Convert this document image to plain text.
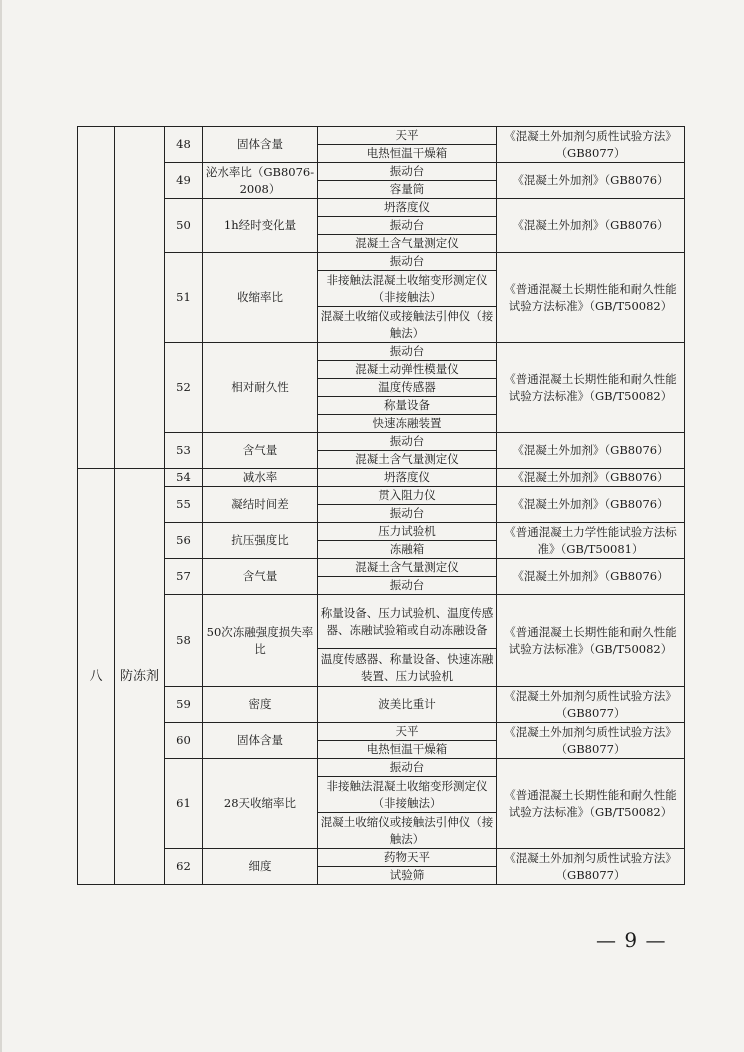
		48	固体含量	天平	《混凝土外加剂匀质性试验方法》（GB8077）
				电热恒温干燥箱	
		49	泌水率比（GB8076-2008）	振动台	《混凝土外加剂》（GB8076）
				容量筒	
		50	1h经时变化量	坍落度仪	《混凝土外加剂》（GB8076）
				振动台	
				混凝土含气量测定仪	
		51	收缩率比	振动台	《普通混凝土长期性能和耐久性能试验方法标准》（GB/T50082）
				非接触法混凝土收缩变形测定仪（非接触法）	
				混凝土收缩仪或接触法引伸仪（接触法）	
		52	相对耐久性	振动台	《普通混凝土长期性能和耐久性能试验方法标准》（GB/T50082）
				混凝土动弹性模量仪	
				温度传感器	
				称量设备	
				快速冻融装置	
		53	含气量	振动台	《混凝土外加剂》（GB8076）
				混凝土含气量测定仪	
八	防冻剂	54	减水率	坍落度仪	《混凝土外加剂》（GB8076）
		55	凝结时间差	贯入阻力仪	《混凝土外加剂》（GB8076）
				振动台	
		56	抗压强度比	压力试验机	《普通混凝土力学性能试验方法标准》（GB/T50081）
				冻融箱	
		57	含气量	混凝土含气量测定仪	《混凝土外加剂》（GB8076）
				振动台	
		58	50次冻融强度损失率比	称量设备、压力试验机、温度传感器、冻融试验箱或自动冻融设备	《普通混凝土长期性能和耐久性能试验方法标准》（GB/T50082）
				温度传感器、称量设备、快速冻融装置、压力试验机	
		59	密度	波美比重计	《混凝土外加剂匀质性试验方法》（GB8077）
		60	固体含量	天平	《混凝土外加剂匀质性试验方法》（GB8077）
				电热恒温干燥箱	
		61	28天收缩率比	振动台	《普通混凝土长期性能和耐久性能试验方法标准》（GB/T50082）
				非接触法混凝土收缩变形测定仪（非接触法）	
				混凝土收缩仪或接触法引伸仪（接触法）	
		62	细度	药物天平	《混凝土外加剂匀质性试验方法》（GB8077）
				试验筛	
— 9 —
